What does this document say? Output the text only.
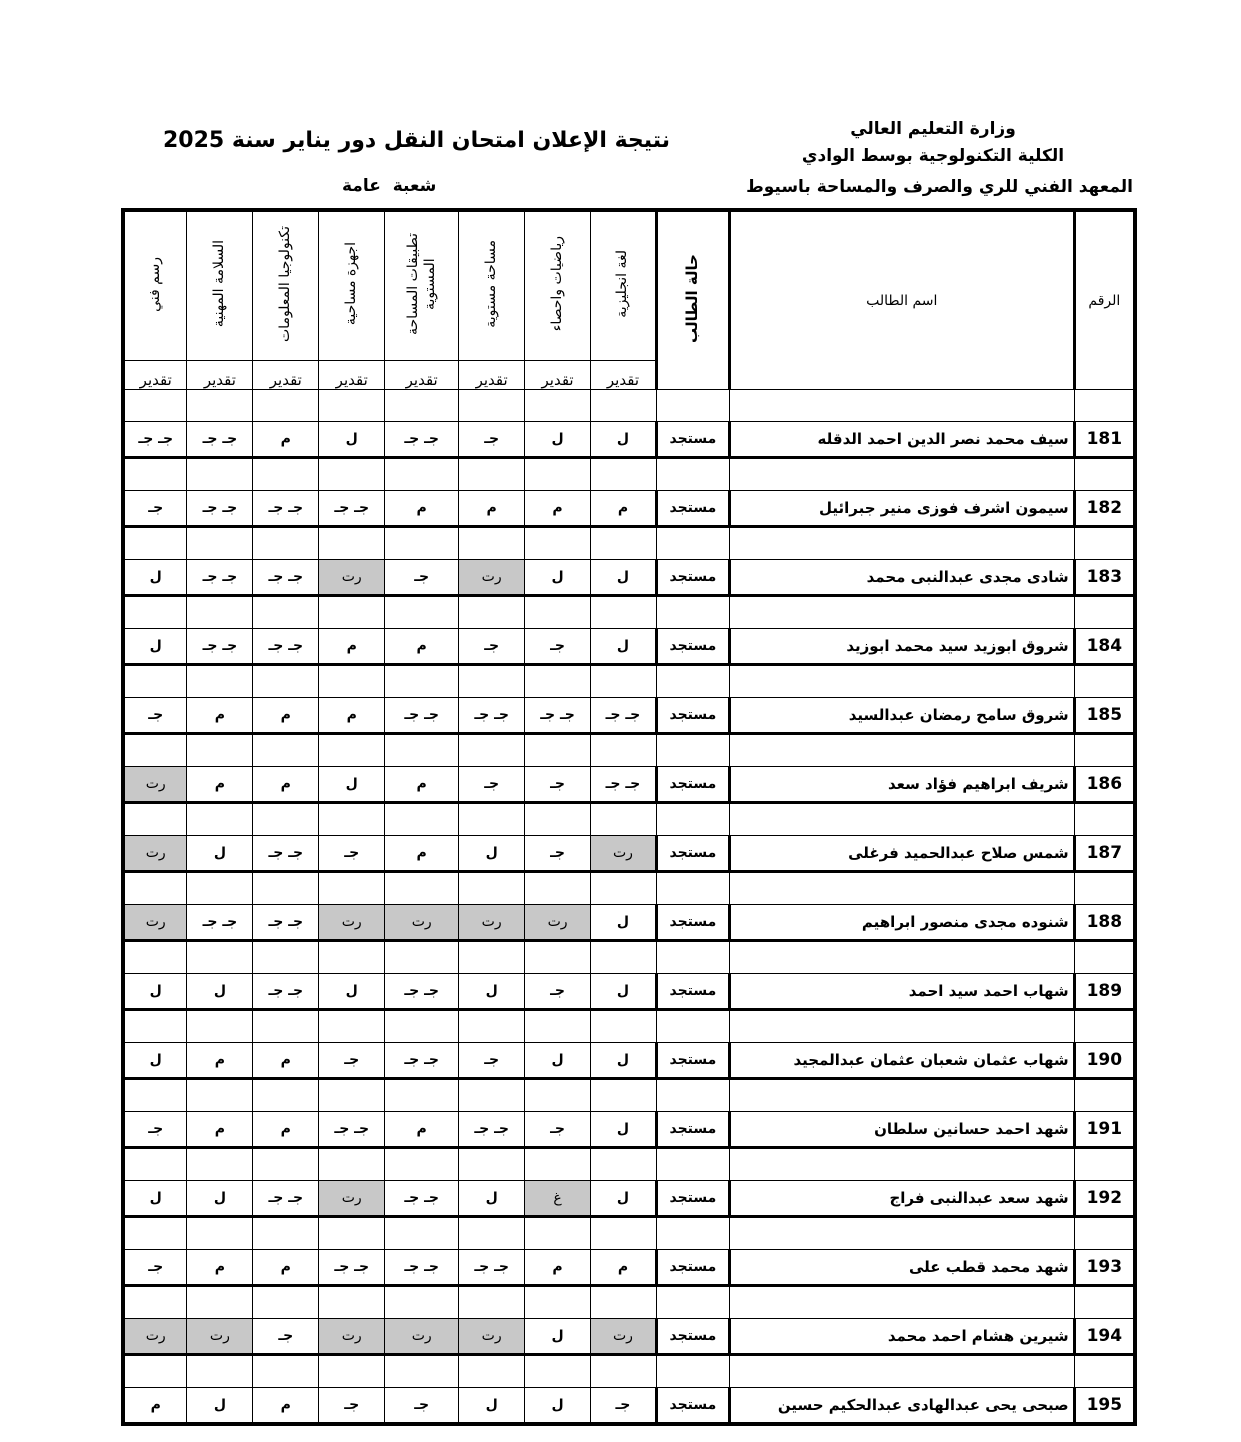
وزارة التعليم العالي
الكلية التكنولوجية بوسط الوادي
المعهد الفني للري والصرف والمساحة باسيوط
نتيجة الإعلان امتحان النقل دور يناير سنة 2025
شعبة عامة
الرقم	اسم الطالب	حالة الطالب	لغة انجليزية	رياضيات واحصاء	مساحة مستوية	تطبيقات المساحة المستوية	اجهزة مساحية	تكنولوجيا المعلومات	السلامة المهنية	رسم فني
			تقدير	تقدير	تقدير	تقدير	تقدير	تقدير	تقدير	تقدير

181	سيف محمد نصر الدين احمد الدقله	مستجد	ل	ل	جـ	جـ جـ	ل	م	جـ جـ	جـ جـ

182	سيمون اشرف فوزى منير جبرائيل	مستجد	م	م	م	م	جـ جـ	جـ جـ	جـ جـ	جـ

183	شادى مجدى عبدالنبى محمد	مستجد	ل	ل	رت	جـ	رت	جـ جـ	جـ جـ	ل

184	شروق ابوزيد سيد محمد ابوزيد	مستجد	ل	جـ	جـ	م	م	جـ جـ	جـ جـ	ل

185	شروق سامح رمضان عبدالسيد	مستجد	جـ جـ	جـ جـ	جـ جـ	جـ جـ	م	م	م	جـ

186	شريف ابراهيم فؤاد سعد	مستجد	جـ جـ	جـ	جـ	م	ل	م	م	رت

187	شمس صلاح عبدالحميد فرغلى	مستجد	رت	جـ	ل	م	جـ	جـ جـ	ل	رت

188	شنوده مجدى منصور ابراهيم	مستجد	ل	رت	رت	رت	رت	جـ جـ	جـ جـ	رت

189	شهاب احمد سيد احمد	مستجد	ل	جـ	ل	جـ جـ	ل	جـ جـ	ل	ل

190	شهاب عثمان شعبان عثمان عبدالمجيد	مستجد	ل	ل	جـ	جـ جـ	جـ	م	م	ل

191	شهد احمد حسانين سلطان	مستجد	ل	جـ	جـ جـ	م	جـ جـ	م	م	جـ

192	شهد سعد عبدالنبى فراج	مستجد	ل	غ	ل	جـ جـ	رت	جـ جـ	ل	ل

193	شهد محمد قطب على	مستجد	م	م	جـ جـ	جـ جـ	جـ جـ	م	م	جـ

194	شيرين هشام احمد محمد	مستجد	رت	ل	رت	رت	رت	جـ	رت	رت

195	صبحى يحى عبدالهادى عبدالحكيم حسين	مستجد	جـ	ل	ل	جـ	جـ	م	ل	م
